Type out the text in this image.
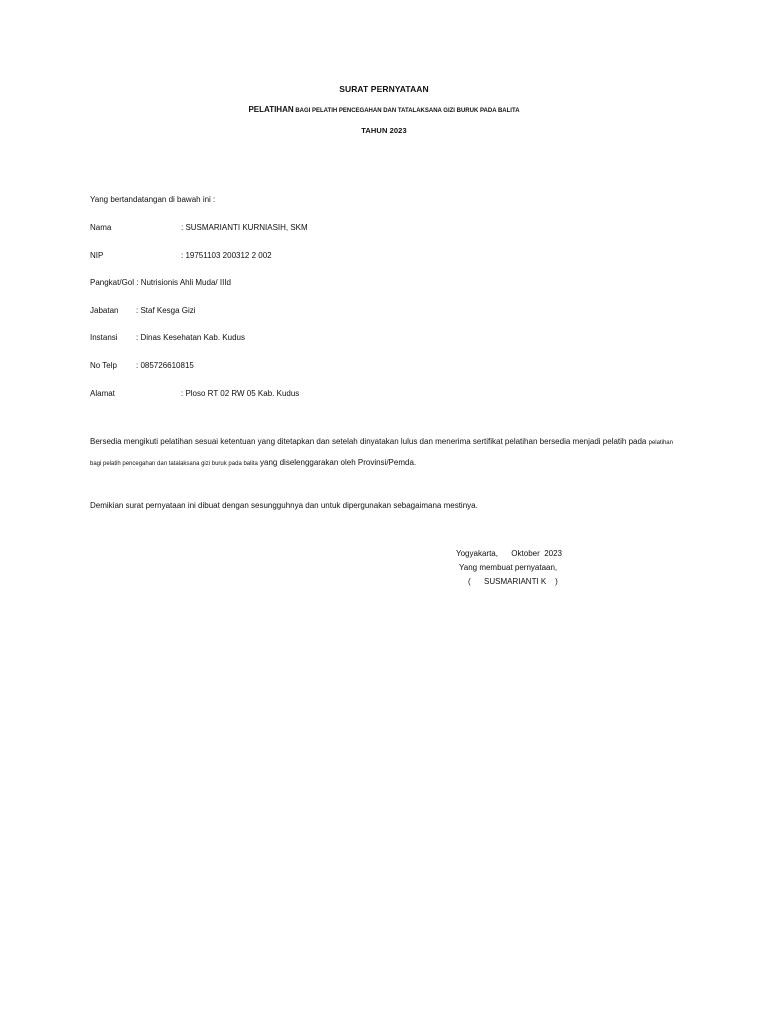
SURAT PERNYATAAN
PELATIHAN BAGI PELATIH PENCEGAHAN DAN TATALAKSANA GIZI BURUK PADA BALITA
TAHUN 2023
Yang bertandatangan di bawah ini :
Nama	: SUSMARIANTI KURNIASIH, SKM
NIP	: 19751103 200312 2 002
Pangkat/Gol : Nutrisionis Ahli Muda/ IIId
Jabatan : Staf Kesga Gizi
Instansi : Dinas Kesehatan Kab. Kudus
No Telp : 085726610815
Alamat	: Ploso RT 02 RW 05 Kab. Kudus
Bersedia mengikuti pelatihan sesuai ketentuan yang ditetapkan dan setelah dinyatakan lulus dan menerima sertifikat pelatihan bersedia menjadi pelatih pada pelatihan
bagi pelatih pencegahan dan tatalaksana gizi buruk pada balita yang diselenggarakan oleh Provinsi/Pemda.
Demikian surat pernyataan ini dibuat dengan sesungguhnya dan untuk dipergunakan sebagaimana mestinya.
Yogyakarta,      Oktober  2023
Yang membuat pernyataan,
(      SUSMARIANTI K    )
